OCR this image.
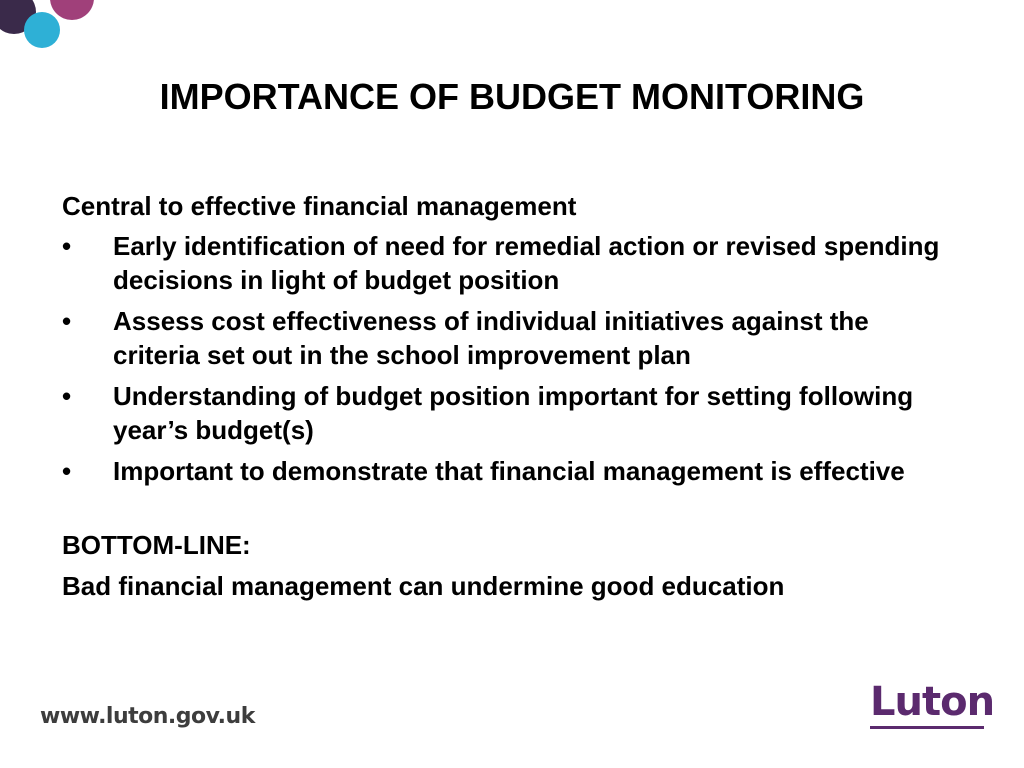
IMPORTANCE OF BUDGET MONITORING
Central to effective financial management
• Early identification of need for remedial action or revised spending decisions in light of budget position
• Assess cost effectiveness of individual initiatives against the criteria set out in the school improvement plan
• Understanding of budget position important for setting following year’s budget(s)
• Important to demonstrate that financial management is effective
BOTTOM-LINE:
Bad financial management can undermine good education
www.luton.gov.uk	Luton
